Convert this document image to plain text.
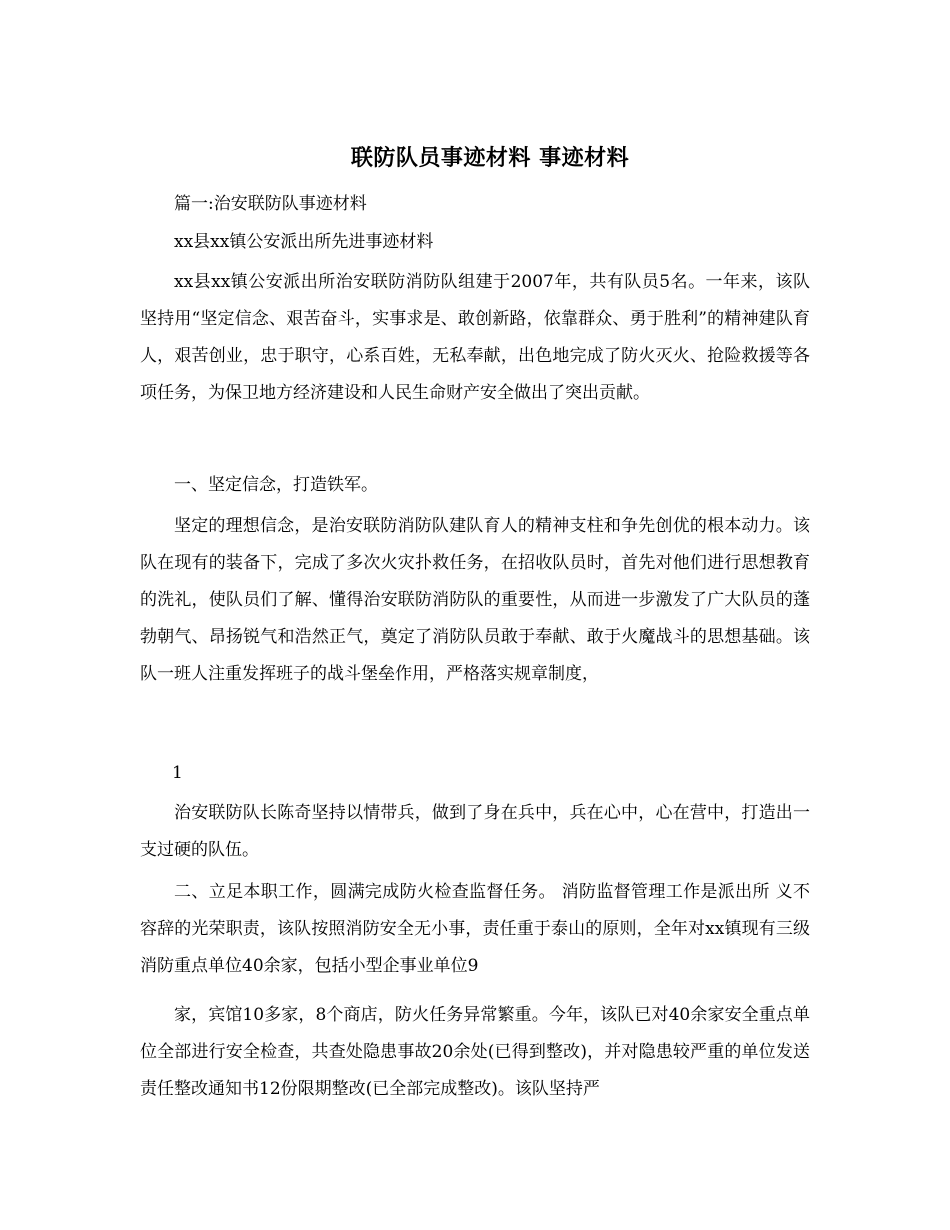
联防队员事迹材料 事迹材料

篇一:治安联防队事迹材料

xx县xx镇公安派出所先进事迹材料

xx县xx镇公安派出所治安联防消防队组建于2007年，共有队员5名。一年来，该队坚持用“坚定信念、艰苦奋斗，实事求是、敢创新路，依靠群众、勇于胜利”的精神建队育人，艰苦创业，忠于职守，心系百姓，无私奉献，出色地完成了防火灭火、抢险救援等各项任务，为保卫地方经济建设和人民生命财产安全做出了突出贡献。

一、坚定信念，打造铁军。

坚定的理想信念，是治安联防消防队建队育人的精神支柱和争先创优的根本动力。该队在现有的装备下，完成了多次火灾扑救任务，在招收队员时，首先对他们进行思想教育的洗礼，使队员们了解、懂得治安联防消防队的重要性，从而进一步激发了广大队员的蓬勃朝气、昂扬锐气和浩然正气，奠定了消防队员敢于奉献、敢于火魔战斗的思想基础。该队一班人注重发挥班子的战斗堡垒作用，严格落实规章制度，

1

治安联防队长陈奇坚持以情带兵，做到了身在兵中，兵在心中，心在营中，打造出一支过硬的队伍。

二、立足本职工作，圆满完成防火检查监督任务。 消防监督管理工作是派出所 义不容辞的光荣职责，该队按照消防安全无小事，责任重于泰山的原则，全年对xx镇现有三级消防重点单位40余家，包括小型企事业单位9

家，宾馆10多家，8个商店，防火任务异常繁重。今年，该队已对40余家安全重点单位全部进行安全检查，共查处隐患事故20余处(已得到整改)，并对隐患较严重的单位发送责任整改通知书12份限期整改(已全部完成整改)。该队坚持严
